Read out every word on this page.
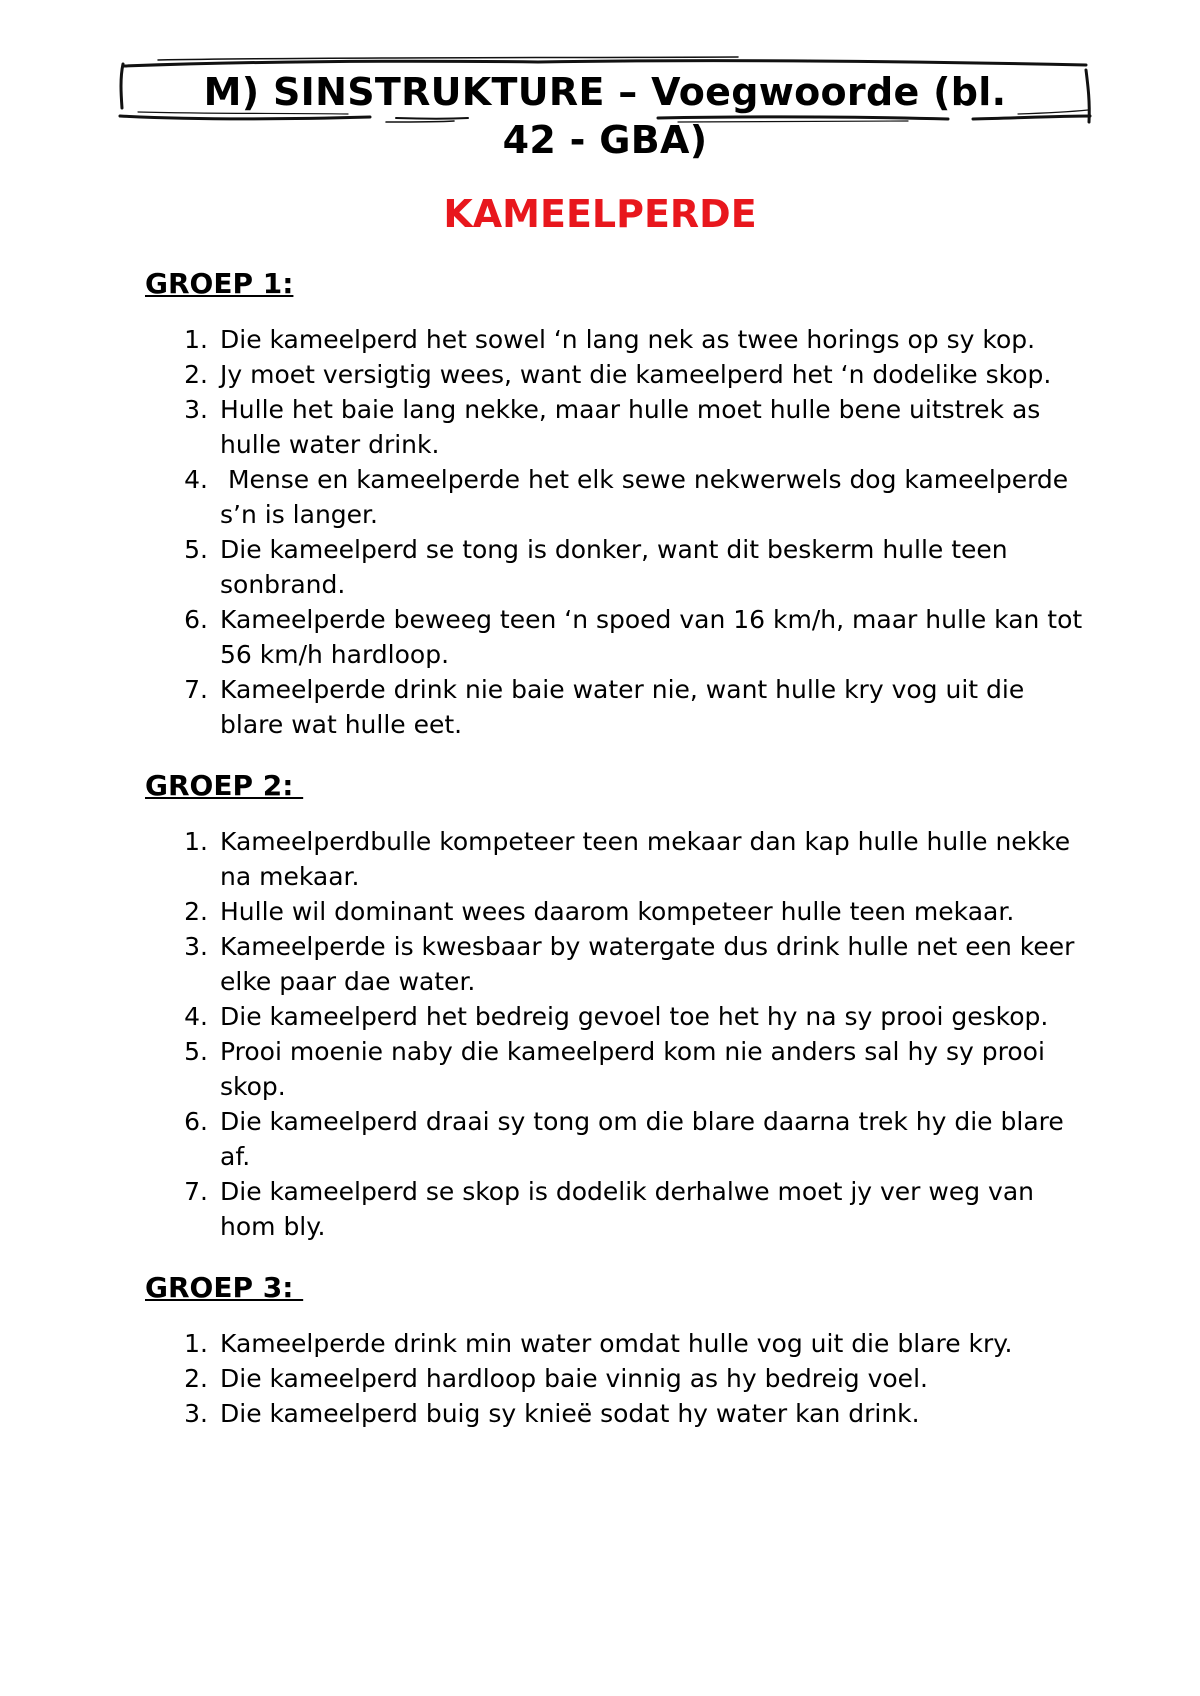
M) SINSTRUKTURE – Voegwoorde (bl.
42 - GBA)
KAMEELPERDE
GROEP 1:
1. Die kameelperd het sowel ‘n lang nek as twee horings op sy kop.
2. Jy moet versigtig wees, want die kameelperd het ‘n dodelike skop.
3. Hulle het baie lang nekke, maar hulle moet hulle bene uitstrek as hulle water drink.
4. Mense en kameelperde het elk sewe nekwerwels dog kameelperde s’n is langer.
5. Die kameelperd se tong is donker, want dit beskerm hulle teen sonbrand.
6. Kameelperde beweeg teen ‘n spoed van 16 km/h, maar hulle kan tot 56 km/h hardloop.
7. Kameelperde drink nie baie water nie, want hulle kry vog uit die blare wat hulle eet.
GROEP 2:
1. Kameelperdbulle kompeteer teen mekaar dan kap hulle hulle nekke na mekaar.
2. Hulle wil dominant wees daarom kompeteer hulle teen mekaar.
3. Kameelperde is kwesbaar by watergate dus drink hulle net een keer elke paar dae water.
4. Die kameelperd het bedreig gevoel toe het hy na sy prooi geskop.
5. Prooi moenie naby die kameelperd kom nie anders sal hy sy prooi skop.
6. Die kameelperd draai sy tong om die blare daarna trek hy die blare af.
7. Die kameelperd se skop is dodelik derhalwe moet jy ver weg van hom bly.
GROEP 3:
1. Kameelperde drink min water omdat hulle vog uit die blare kry.
2. Die kameelperd hardloop baie vinnig as hy bedreig voel.
3. Die kameelperd buig sy knieë sodat hy water kan drink.
